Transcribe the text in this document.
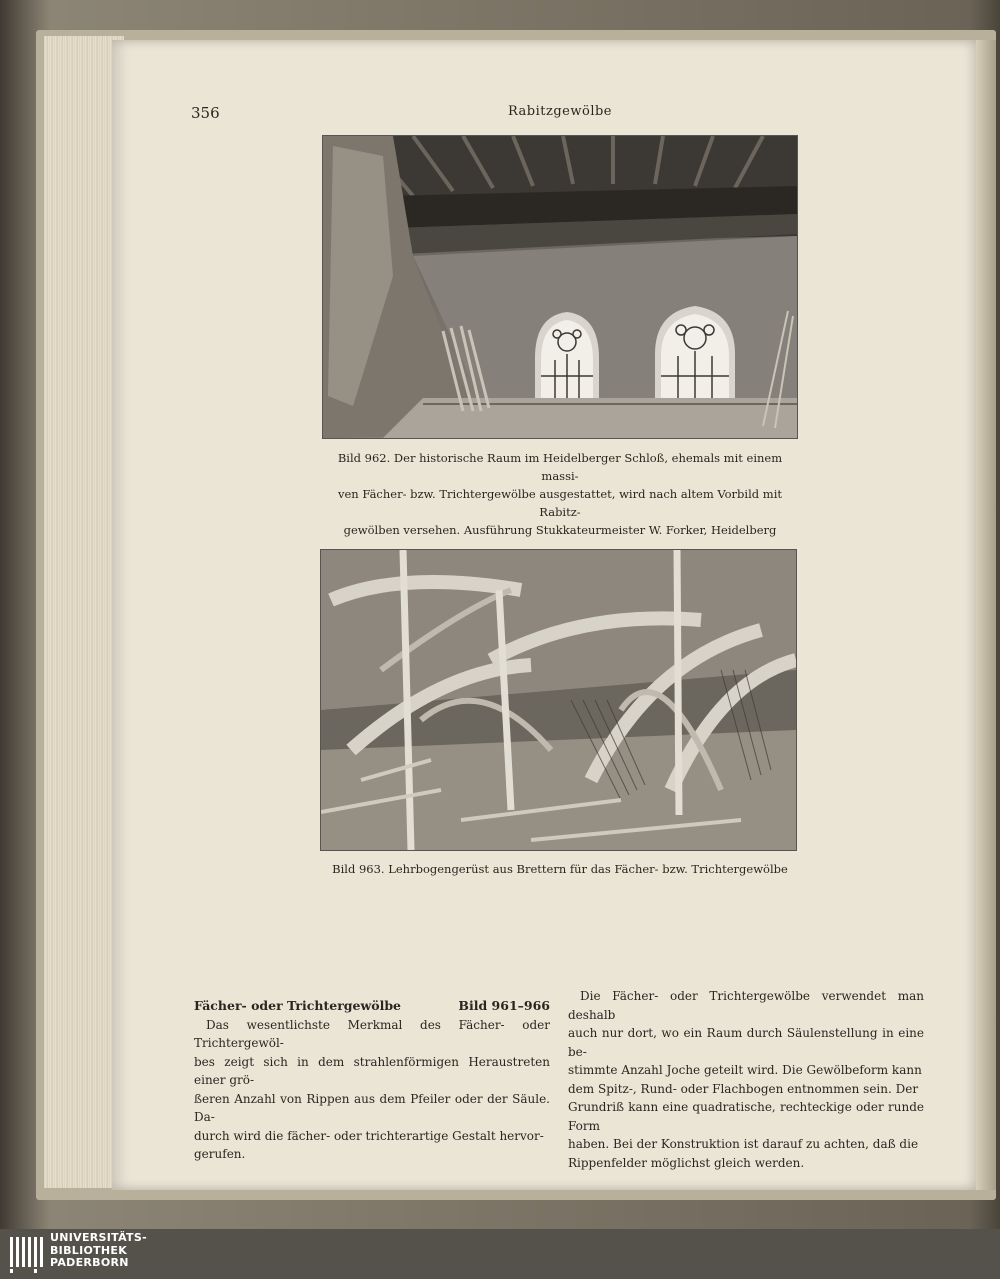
356	Rabitzgewölbe
Bild 962. Der historische Raum im Heidelberger Schloß, ehemals mit einem massi-
ven Fächer- bzw. Trichtergewölbe ausgestattet, wird nach altem Vorbild mit Rabitz-
gewölben versehen. Ausführung Stukkateurmeister W. Forker, Heidelberg
Bild 963. Lehrbogengerüst aus Brettern für das Fächer- bzw. Trichtergewölbe
Fächer- oder Trichtergewölbe	Bild 961–966
Das wesentlichste Merkmal des Fächer- oder Trichtergewöl-
bes zeigt sich in dem strahlenförmigen Heraustreten einer grö-
ßeren Anzahl von Rippen aus dem Pfeiler oder der Säule. Da-
durch wird die fächer- oder trichterartige Gestalt hervor-
gerufen.
Die Fächer- oder Trichtergewölbe verwendet man deshalb
auch nur dort, wo ein Raum durch Säulenstellung in eine be-
stimmte Anzahl Joche geteilt wird. Die Gewölbeform kann
dem Spitz-, Rund- oder Flachbogen entnommen sein. Der
Grundriß kann eine quadratische, rechteckige oder runde Form
haben. Bei der Konstruktion ist darauf zu achten, daß die
Rippenfelder möglichst gleich werden.
UNIVERSITÄTS-
BIBLIOTHEK
PADERBORN
